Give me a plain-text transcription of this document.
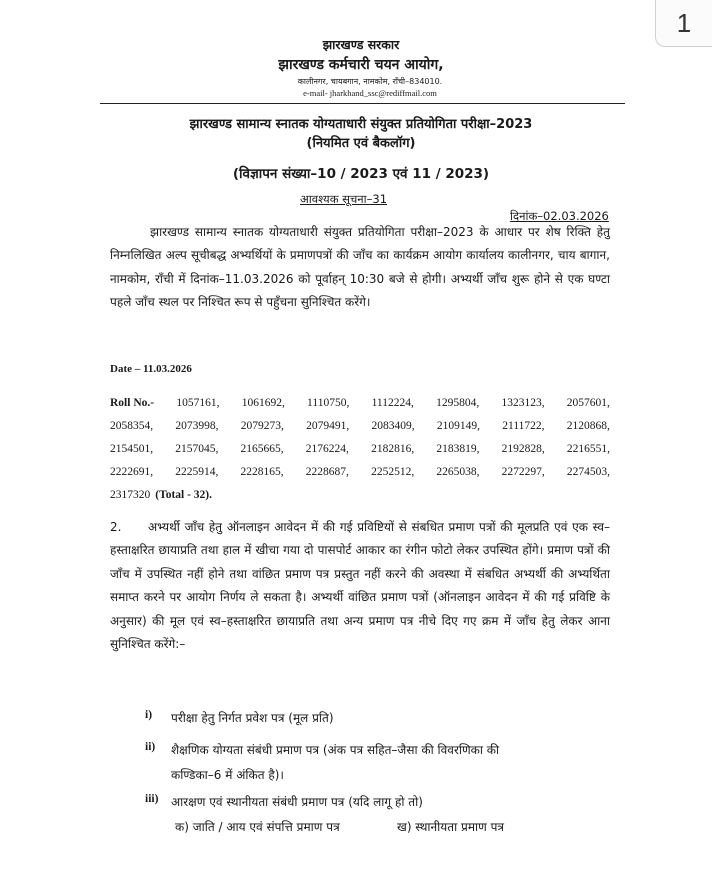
1
झारखण्ड सरकार
झारखण्ड कर्मचारी चयन आयोग,
कालीनगर, चायबगान, नामकोम, राँची–834010.
e-mail- jharkhand_ssc@rediffmail.com
झारखण्ड सामान्य स्नातक योग्यताधारी संयुक्त प्रतियोगिता परीक्षा–2023
(नियमित एवं बैकलॉग)
(विज्ञापन संख्या–10 / 2023 एवं 11 / 2023)
आवश्यक सूचना–31
दिनांक–02.03.2026
झारखण्ड सामान्य स्नातक योग्यताधारी संयुक्त प्रतियोगिता परीक्षा–2023 के आधार पर शेष रिक्ति हेतु निम्नलिखित अल्प सूचीबद्ध अभ्यर्थियों के प्रमाणपत्रों की जाँच का कार्यक्रम आयोग कार्यालय कालीनगर, चाय बागान, नामकोम, राँची में दिनांक–11.03.2026 को पूर्वाहन् 10:30 बजे से होगी। अभ्यर्थी जाँच शुरू होने से एक घण्टा पहले जाँच स्थल पर निश्चित रूप से पहुँचना सुनिश्चित करेंगे।
Date – 11.03.2026
Roll No.- 1057161, 1061692, 1110750, 1112224, 1295804, 1323123, 2057601,
2058354, 2073998, 2079273, 2079491, 2083409, 2109149, 2111722, 2120868,
2154501, 2157045, 2165665, 2176224, 2182816, 2183819, 2192828, 2216551,
2222691, 2225914, 2228165, 2228687, 2252512, 2265038, 2272297, 2274503,
2317320 (Total - 32).
2. अभ्यर्थी जाँच हेतु ऑनलाइन आवेदन में की गई प्रविष्टियों से संबधित प्रमाण पत्रों की मूलप्रति एवं एक स्व–हस्ताक्षरित छायाप्रति तथा हाल में खीचा गया दो पासपोर्ट आकार का रंगीन फोटो लेकर उपस्थित होंगे। प्रमाण पत्रों की जाँच में उपस्थित नहीं होने तथा वांछित प्रमाण पत्र प्रस्तुत नहीं करने की अवस्था में संबधित अभ्यर्थी की अभ्यर्थिता समाप्त करने पर आयोग निर्णय ले सकता है। अभ्यर्थी वांछित प्रमाण पत्रों (ऑनलाइन आवेदन में की गई प्रविष्टि के अनुसार) की मूल एवं स्व–हस्ताक्षरित छायाप्रति तथा अन्य प्रमाण पत्र नीचे दिए गए क्रम में जाँच हेतु लेकर आना सुनिश्चित करेंगे:–
i) परीक्षा हेतु निर्गत प्रवेश पत्र (मूल प्रति)
ii) शैक्षणिक योग्यता संबंधी प्रमाण पत्र (अंक पत्र सहित–जैसा की विवरणिका की
कण्डिका–6 में अंकित है)।
iii) आरक्षण एवं स्थानीयता संबंधी प्रमाण पत्र (यदि लागू हो तो)
क) जाति / आय एवं संपत्ति प्रमाण पत्र	ख) स्थानीयता प्रमाण पत्र
